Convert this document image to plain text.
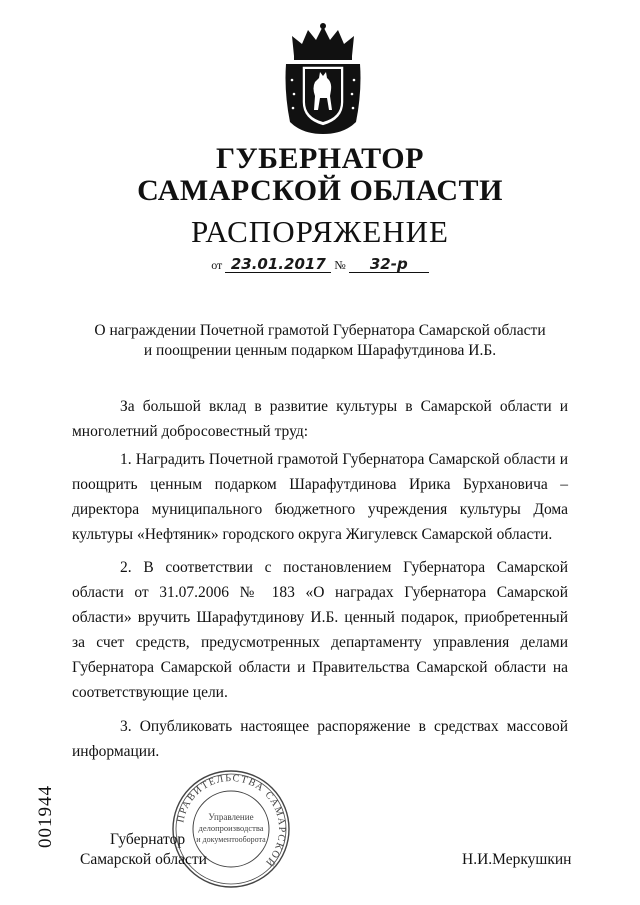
ГУБЕРНАТОР
САМАРСКОЙ ОБЛАСТИ
РАСПОРЯЖЕНИЕ
от 23.01.2017 № 32-р
О награждении Почетной грамотой Губернатора Самарской области
и поощрении ценным подарком Шарафутдинова И.Б.
За большой вклад в развитие культуры в Самарской области и многолетний добросовестный труд:
1. Наградить Почетной грамотой Губернатора Самарской области и поощрить ценным подарком Шарафутдинова Ирика Бурхановича – директора муниципального бюджетного учреждения культуры Дома культуры «Нефтяник» городского округа Жигулевск Самарской области.
2. В соответствии с постановлением Губернатора Самарской области от 31.07.2006 № 183 «О наградах Губернатора Самарской области» вручить Шарафутдинову И.Б. ценный подарок, приобретенный за счет средств, предусмотренных департаменту управления делами Губернатора Самарской области и Правительства Самарской области на соответствующие цели.
3. Опубликовать настоящее распоряжение в средствах массовой информации.
001944	ПРАВИТЕЛЬСТВА САМАРСКОЙ
Управление
делопроизводства
и документооборота
Губернатор
Самарской области	Н.И.Меркушкин
